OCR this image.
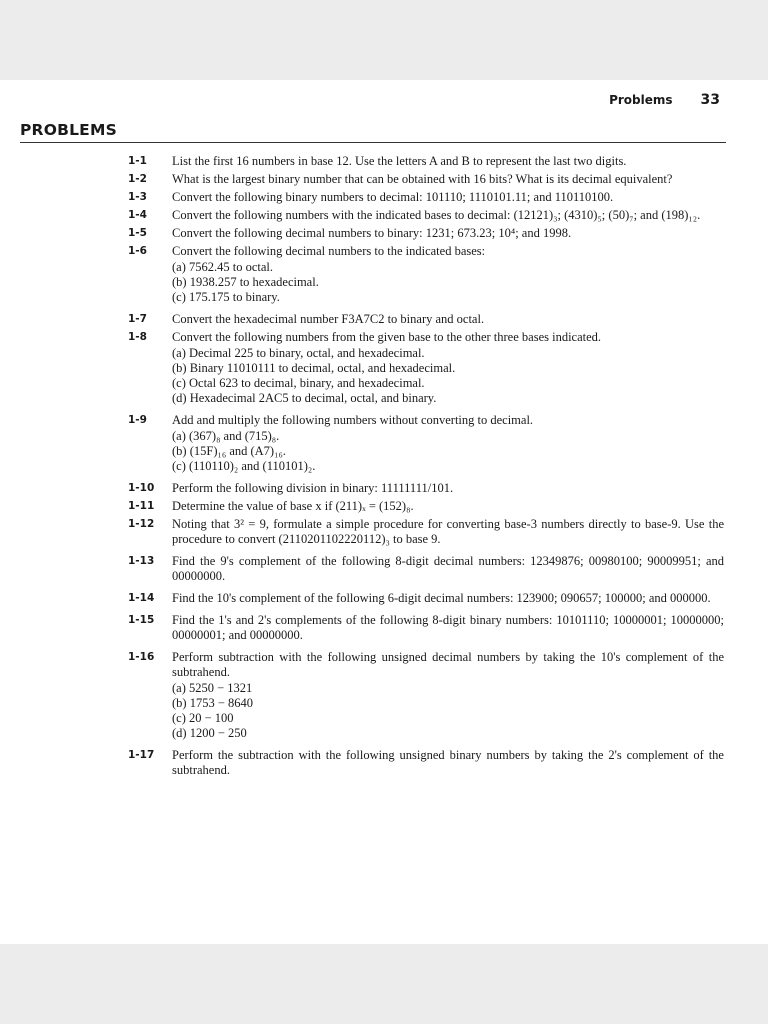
Problems 33
PROBLEMS
1-1 List the first 16 numbers in base 12. Use the letters A and B to represent the last two digits.
1-2 What is the largest binary number that can be obtained with 16 bits? What is its decimal equivalent?
1-3 Convert the following binary numbers to decimal: 101110; 1110101.11; and 110110100.
1-4 Convert the following numbers with the indicated bases to decimal: (12121)₃; (4310)₅; (50)₇; and (198)₁₂.
1-5 Convert the following decimal numbers to binary: 1231; 673.23; 10⁴; and 1998.
1-6 Convert the following decimal numbers to the indicated bases:
(a) 7562.45 to octal.
(b) 1938.257 to hexadecimal.
(c) 175.175 to binary.
1-7 Convert the hexadecimal number F3A7C2 to binary and octal.
1-8 Convert the following numbers from the given base to the other three bases indicated.
(a) Decimal 225 to binary, octal, and hexadecimal.
(b) Binary 11010111 to decimal, octal, and hexadecimal.
(c) Octal 623 to decimal, binary, and hexadecimal.
(d) Hexadecimal 2AC5 to decimal, octal, and binary.
1-9 Add and multiply the following numbers without converting to decimal.
(a) (367)₈ and (715)₈.
(b) (15F)₁₆ and (A7)₁₆.
(c) (110110)₂ and (110101)₂.
1-10 Perform the following division in binary: 11111111/101.
1-11 Determine the value of base x if (211)ₓ = (152)₈.
1-12 Noting that 3² = 9, formulate a simple procedure for converting base-3 numbers directly to base-9. Use the procedure to convert (2110201102220112)₃ to base 9.
1-13 Find the 9's complement of the following 8-digit decimal numbers: 12349876; 00980100; 90009951; and 00000000.
1-14 Find the 10's complement of the following 6-digit decimal numbers: 123900; 090657; 100000; and 000000.
1-15 Find the 1's and 2's complements of the following 8-digit binary numbers: 10101110; 10000001; 10000000; 00000001; and 00000000.
1-16 Perform subtraction with the following unsigned decimal numbers by taking the 10's complement of the subtrahend.
(a) 5250 − 1321
(b) 1753 − 8640
(c) 20 − 100
(d) 1200 − 250
1-17 Perform the subtraction with the following unsigned binary numbers by taking the 2's complement of the subtrahend.
